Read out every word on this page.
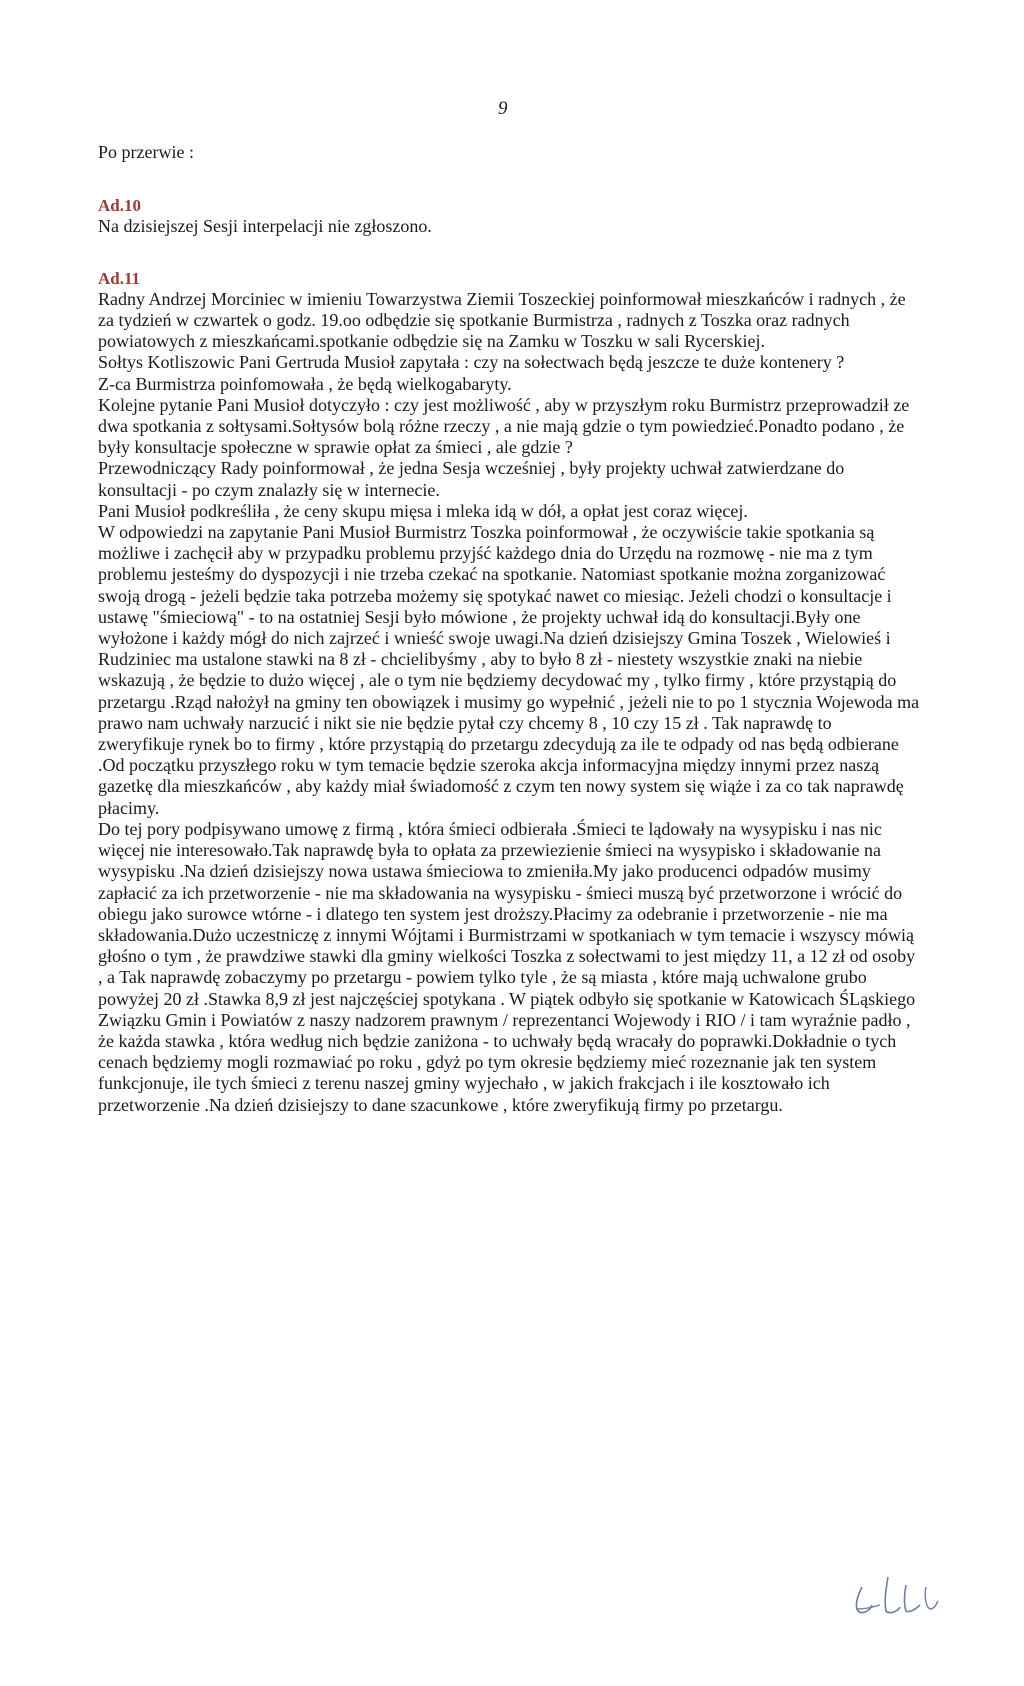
9

Po przerwie :

Ad.10

Na dzisiejszej Sesji interpelacji nie zgłoszono.

Ad.11

Radny Andrzej Morciniec w imieniu Towarzystwa Ziemii Toszeckiej poinformował mieszkańców i radnych , że za tydzień w czwartek o godz. 19.oo odbędzie się spotkanie Burmistrza , radnych z Toszka oraz radnych powiatowych z mieszkańcami.spotkanie odbędzie się na Zamku w Toszku w sali Rycerskiej.

Sołtys Kotliszowic Pani Gertruda Musioł zapytała : czy na sołectwach będą jeszcze te duże kontenery ?

Z-ca Burmistrza poinfomowała , że będą wielkogabaryty.

Kolejne pytanie Pani Musioł dotyczyło : czy jest możliwość , aby w przyszłym roku Burmistrz przeprowadził ze dwa spotkania z sołtysami.Sołtysów bolą różne rzeczy , a nie mają gdzie o tym powiedzieć.Ponadto podano , że były konsultacje społeczne w sprawie opłat za śmieci , ale gdzie ?

Przewodniczący Rady poinformował , że jedna Sesja wcześniej , były projekty uchwał zatwierdzane do konsultacji - po czym znalazły się w internecie.

Pani Musioł podkreśliła , że ceny skupu mięsa i mleka idą w dół, a opłat jest coraz więcej.

W odpowiedzi na zapytanie Pani Musioł Burmistrz Toszka poinformował , że oczywiście takie spotkania są możliwe i zachęcił aby w przypadku problemu przyjść każdego dnia do Urzędu na rozmowę - nie ma z tym problemu jesteśmy do dyspozycji i nie trzeba czekać na spotkanie. Natomiast spotkanie można zorganizować swoją drogą - jeżeli będzie taka potrzeba możemy się spotykać nawet co miesiąc. Jeżeli chodzi o konsultacje i ustawę "śmieciową" - to na ostatniej Sesji było mówione , że projekty uchwał idą do konsultacji.Były one wyłożone i każdy mógł do nich zajrzeć i wnieść swoje uwagi.Na dzień dzisiejszy Gmina Toszek , Wielowieś i Rudziniec ma ustalone stawki na 8 zł - chcielibyśmy , aby to było 8 zł - niestety wszystkie znaki na niebie wskazują , że będzie to dużo więcej , ale o tym nie będziemy decydować my , tylko firmy , które przystąpią do przetargu .Rząd nałożył na gminy ten obowiązek i musimy go wypełnić , jeżeli nie to po 1 stycznia Wojewoda ma prawo nam uchwały narzucić i nikt sie nie będzie pytał czy chcemy 8 , 10 czy 15 zł . Tak naprawdę to zweryfikuje rynek bo to firmy , które przystąpią do przetargu zdecydują za ile te odpady od nas będą odbierane .Od początku przyszłego roku w tym temacie będzie szeroka akcja informacyjna między innymi przez naszą gazetkę dla mieszkańców , aby każdy miał świadomość z czym ten nowy system się wiąże i za co tak naprawdę płacimy.

Do tej pory podpisywano umowę z firmą , która śmieci odbierała .Śmieci te lądowały na wysypisku i nas nic więcej nie interesowało.Tak naprawdę była to opłata za przewiezienie śmieci na wysypisko i składowanie na wysypisku .Na dzień dzisiejszy nowa ustawa śmieciowa to zmieniła.My jako producenci odpadów musimy zapłacić za ich przetworzenie - nie ma składowania na wysypisku - śmieci muszą być przetworzone i wrócić do obiegu jako surowce wtórne - i dlatego ten system jest droższy.Płacimy za odebranie i przetworzenie - nie ma składowania.Dużo uczestniczę z innymi Wójtami i Burmistrzami w spotkaniach w tym temacie i wszyscy mówią głośno o tym , że prawdziwe stawki dla gminy wielkości Toszka z sołectwami to jest między 11, a 12 zł od osoby , a Tak naprawdę zobaczymy po przetargu - powiem tylko tyle , że są miasta , które mają uchwalone grubo powyżej 20 zł .Stawka 8,9 zł jest najczęściej spotykana . W piątek odbyło się spotkanie w Katowicach ŚLąskiego Związku Gmin i Powiatów z naszy nadzorem prawnym / reprezentanci Wojewody i RIO / i tam wyraźnie padło , że każda stawka , która według nich będzie zaniżona - to uchwały będą wracały do poprawki.Dokładnie o tych cenach będziemy mogli rozmawiać po roku , gdyż po tym okresie będziemy mieć rozeznanie jak ten system funkcjonuje, ile tych śmieci z terenu naszej gminy wyjechało , w jakich frakcjach i ile kosztowało ich przetworzenie .Na dzień dzisiejszy to dane szacunkowe , które zweryfikują firmy po przetargu.
